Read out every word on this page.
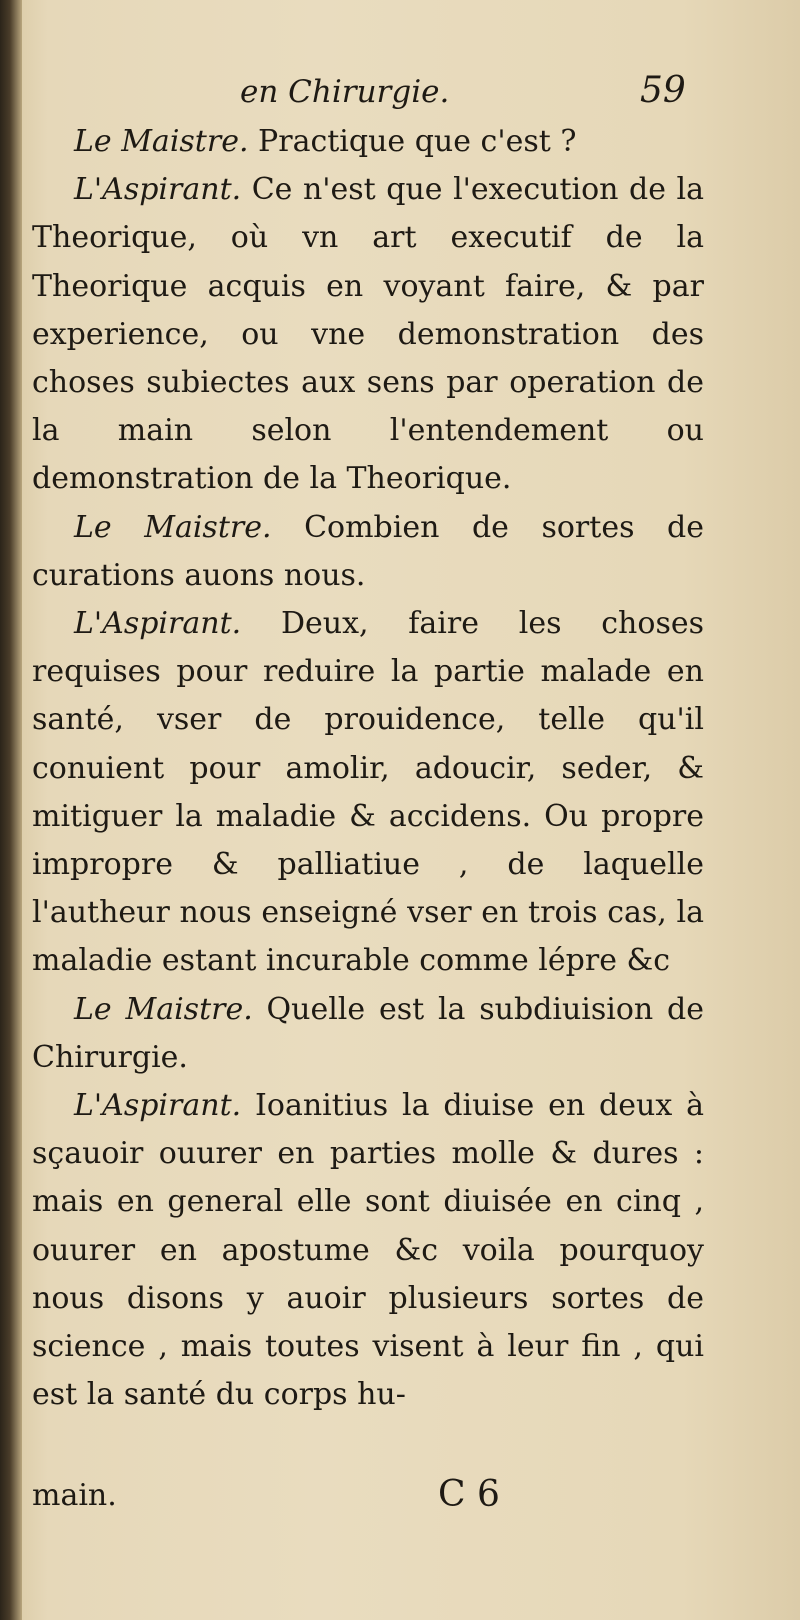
en Chirurgie.	59

Le Maistre. Practique que c'est ?

L'Aspirant. Ce n'est que l'execution de la Theorique, où vn art executif de la Theorique acquis en voyant faire, & par experience, ou vne demonstration des choses subiectes aux sens par operation de la main selon l'entendement ou demonstration de la Theorique.

Le Maistre. Combien de sortes de curations auons nous.

L'Aspirant. Deux, faire les choses requises pour reduire la partie malade en santé, vser de prouidence, telle qu'il conuient pour amolir, adoucir, seder, & mitiguer la maladie & accidens. Ou propre impropre & palliatiue , de laquelle l'autheur nous enseigné vser en trois cas, la maladie estant incurable comme lépre &c

Le Maistre. Quelle est la subdiuision de Chirurgie.

L'Aspirant. Ioanitius la diuise en deux à sçauoir ouurer en parties molle & dures : mais en general elle sont diuisée en cinq , ouurer en apostume &c voila pourquoy nous disons y auoir plusieurs sortes de science , mais toutes visent à leur fin , qui est la santé du corps hu-

main.	C 6
